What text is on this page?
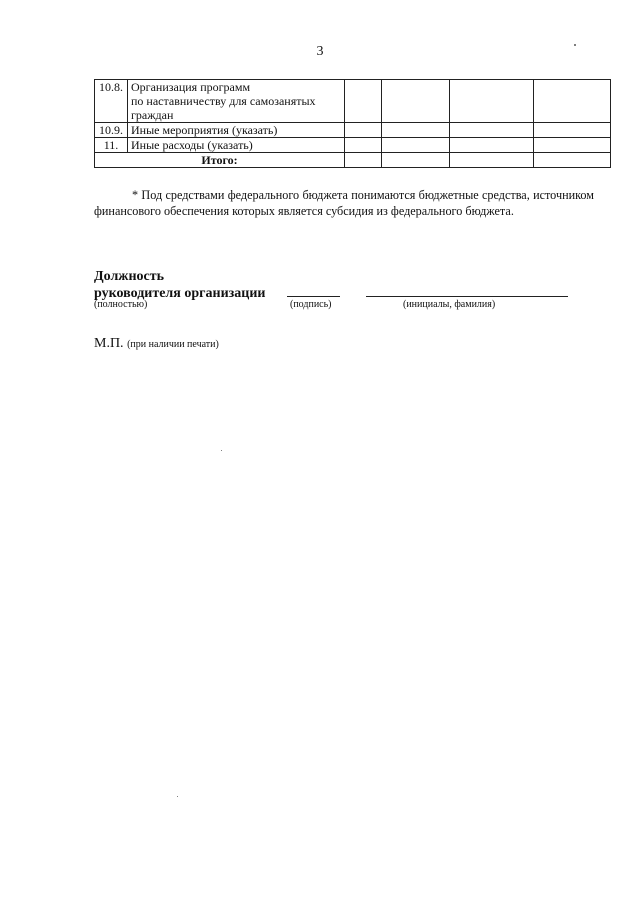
3
10.8.	Организация программ
по наставничеству для самозанятых
граждан				

10.9.	Иные мероприятия (указать)				

11.	Иные расходы (указать)				

Итого:					

* Под средствами федерального бюджета понимаются бюджетные средства, источником финансового обеспечения которых является субсидия из федерального бюджета.

Должность
руководителя организации
(полностью)	(подпись)	(инициалы, фамилия)
М.П. (при наличии печати)
